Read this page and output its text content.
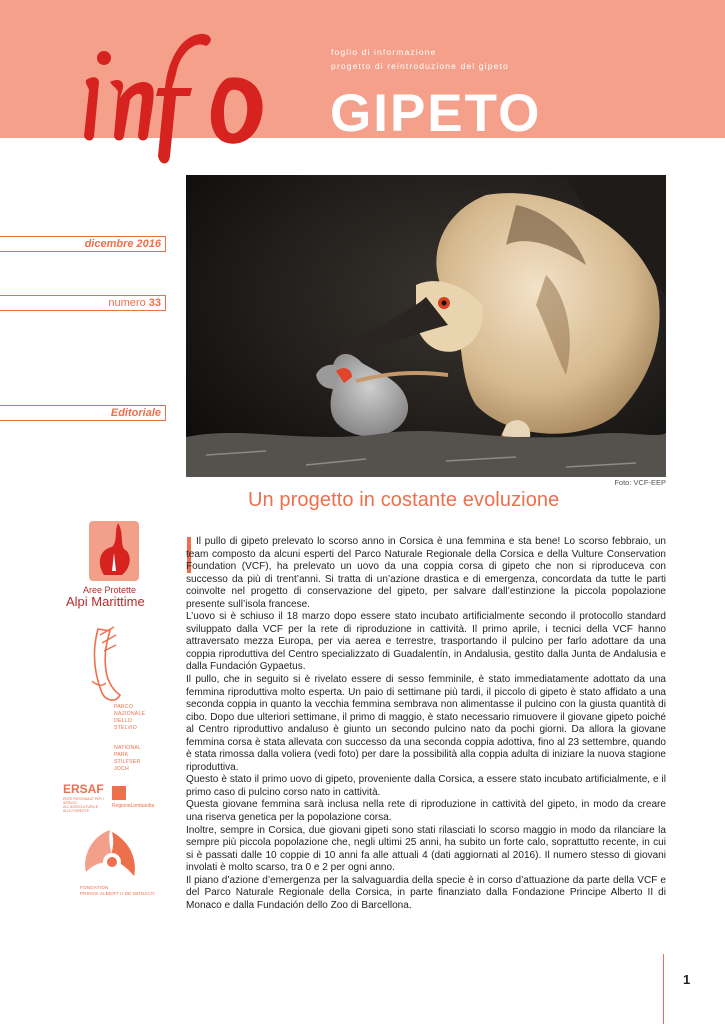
foglio di informazione
progetto di reintroduzione del gipeto
GIPETO
dicembre 2016
numero 33
Editoriale
Foto: VCF-EEP
Un progetto in costante evoluzione

Il pullo di gipeto prelevato lo scorso anno in Corsica è una femmina e sta bene! Lo scorso febbraio, un team composto da alcuni esperti del Parco Naturale Regionale della Corsica e della Vulture Conservation Foundation (VCF), ha prelevato un uovo da una coppia corsa di gipeto che non si riproduceva con successo da più di trent’anni. Si tratta di un’azione drastica e di emergenza, concordata da tutte le parti coinvolte nel progetto di conservazione del gipeto, per salvare dall’estinzione la piccola popolazione presente sull’isola francese.

L’uovo si è schiuso il 18 marzo dopo essere stato incubato artificialmente secondo il protocollo standard sviluppato dalla VCF per la rete di riproduzione in cattività. Il primo aprile, i tecnici della VCF hanno attraversato mezza Europa, per via aerea e terrestre, trasportando il pulcino per farlo adottare da una coppia riproduttiva del Centro specializzato di Guadalentín, in Andalusia, gestito dalla Junta de Andalusia e dalla Fundación Gypaetus.

Il pullo, che in seguito si è rivelato essere di sesso femminile, è stato immediatamente adottato da una femmina riproduttiva molto esperta. Un paio di settimane più tardi, il piccolo di gipeto è stato affidato a una seconda coppia in quanto la vecchia femmina sembrava non alimentasse il pulcino con la giusta quantità di cibo. Dopo due ulteriori settimane, il primo di maggio, è stato necessario rimuovere il giovane gipeto poiché al Centro riproduttivo andaluso è giunto un secondo pulcino nato da pochi giorni. Da allora la giovane femmina corsa è stata allevata con successo da una seconda coppia adottiva, fino al 23 settembre, quando è stata rimossa dalla voliera (vedi foto) per dare la possibilità alla coppia adulta di iniziare la nuova stagione riproduttiva.

Questo è stato il primo uovo di gipeto, proveniente dalla Corsica, a essere stato incubato artificialmente, e il primo caso di pulcino corso nato in cattività.

Questa giovane femmina sarà inclusa nella rete di riproduzione in cattività del gipeto, in modo da creare una riserva genetica per la popolazione corsa.

Inoltre, sempre in Corsica, due giovani gipeti sono stati rilasciati lo scorso maggio in modo da rilanciare la sempre più piccola popolazione che, negli ultimi 25 anni, ha subito un forte calo, soprattutto recente, in cui si è passati dalle 10 coppie di 10 anni fa alle attuali 4 (dati aggiornati al 2016). Il numero stesso di giovani involati è molto scarso, tra 0 e 2 per ogni anno.

Il piano d’azione d’emergenza per la salvaguardia della specie è in corso d’attuazione da parte della VCF e del Parco Naturale Regionale della Corsica, in parte finanziato dalla Fondazione Principe Alberto II di Monaco e dalla Fundación dello Zoo di Barcellona.

Aree Protette
Alpi Marittime
PARCO
NAZIONALE
DELLO
STELVIO
NATIONAL
PARK
STILFSER
JOCH
ERSAF
ENTE REGIONALE PER I SERVIZI ALL'AGRICOLTURA E ALLE FORESTE
RegioneLombardia
FONDATION
PRINCE ALBERT II DE MONACO
1
